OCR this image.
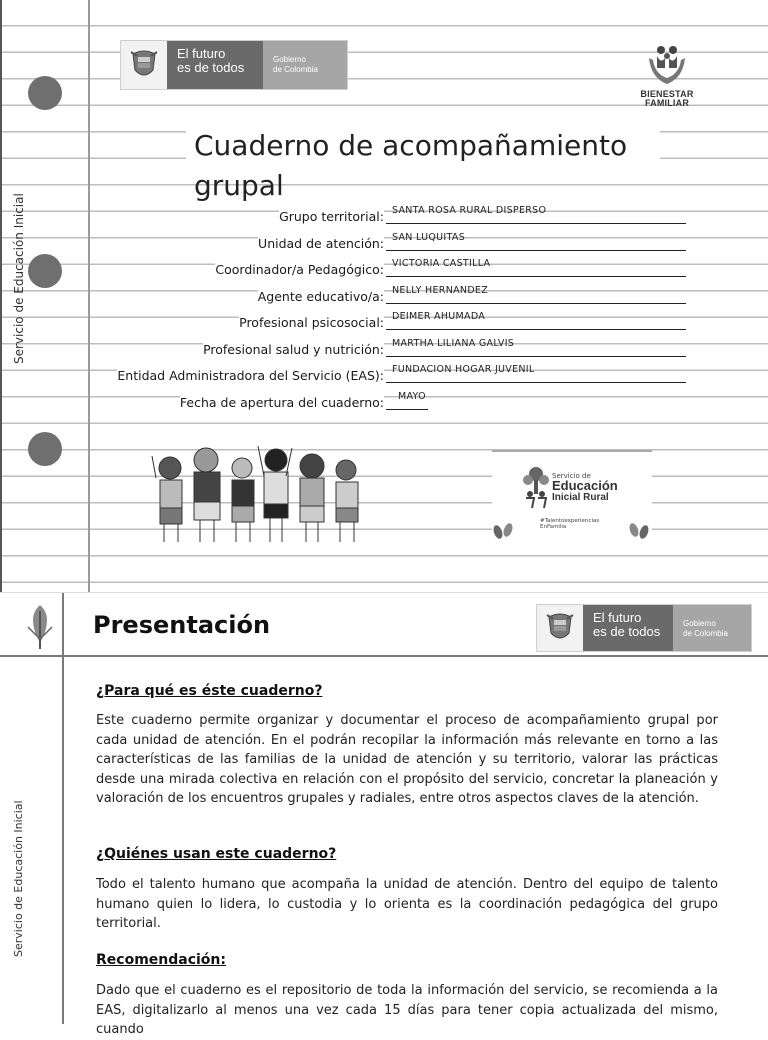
Servicio de Educación Inicial
El futuro
es de todos
Gobierno
de Colombia
BIENESTAR
FAMILIAR
Cuaderno de acompañamiento grupal
Grupo territorial: SANTA ROSA RURAL DISPERSO
Unidad de atención: SAN LUQUITAS
Coordinador/a Pedagógico: VICTORIA CASTILLA
Agente educativo/a: NELLY HERNANDEZ
Profesional psicosocial: DEIMER AHUMADA
Profesional salud y nutrición: MARTHA LILIANA GALVIS
Entidad Administradora del Servicio (EAS): FUNDACION HOGAR JUVENIL
Fecha de apertura del cuaderno: MAYO
Servicio de
Educación
Inicial Rural
#Talentoexperiencias
EnFamilia
Presentación	El futuro
es de todos
Gobierno
de Colombia
Servicio de Educación Inicial
¿Para qué es éste cuaderno?
Este cuaderno permite organizar y documentar el proceso de acompañamiento grupal por cada unidad de atención. En el podrán recopilar la información más relevante en torno a las características de las familias de la unidad de atención y su territorio, valorar las prácticas desde una mirada colectiva en relación con el propósito del servicio, concretar la planeación y valoración de los encuentros grupales y radiales, entre otros aspectos claves de la atención.
¿Quiénes usan este cuaderno?
Todo el talento humano que acompaña la unidad de atención. Dentro del equipo de talento humano quien lo lidera, lo custodia y lo orienta es la coordinación pedagógica del grupo territorial.
Recomendación:
Dado que el cuaderno es el repositorio de toda la información del servicio, se recomienda a la EAS, digitalizarlo al menos una vez cada 15 días para tener copia actualizada del mismo, cuando
